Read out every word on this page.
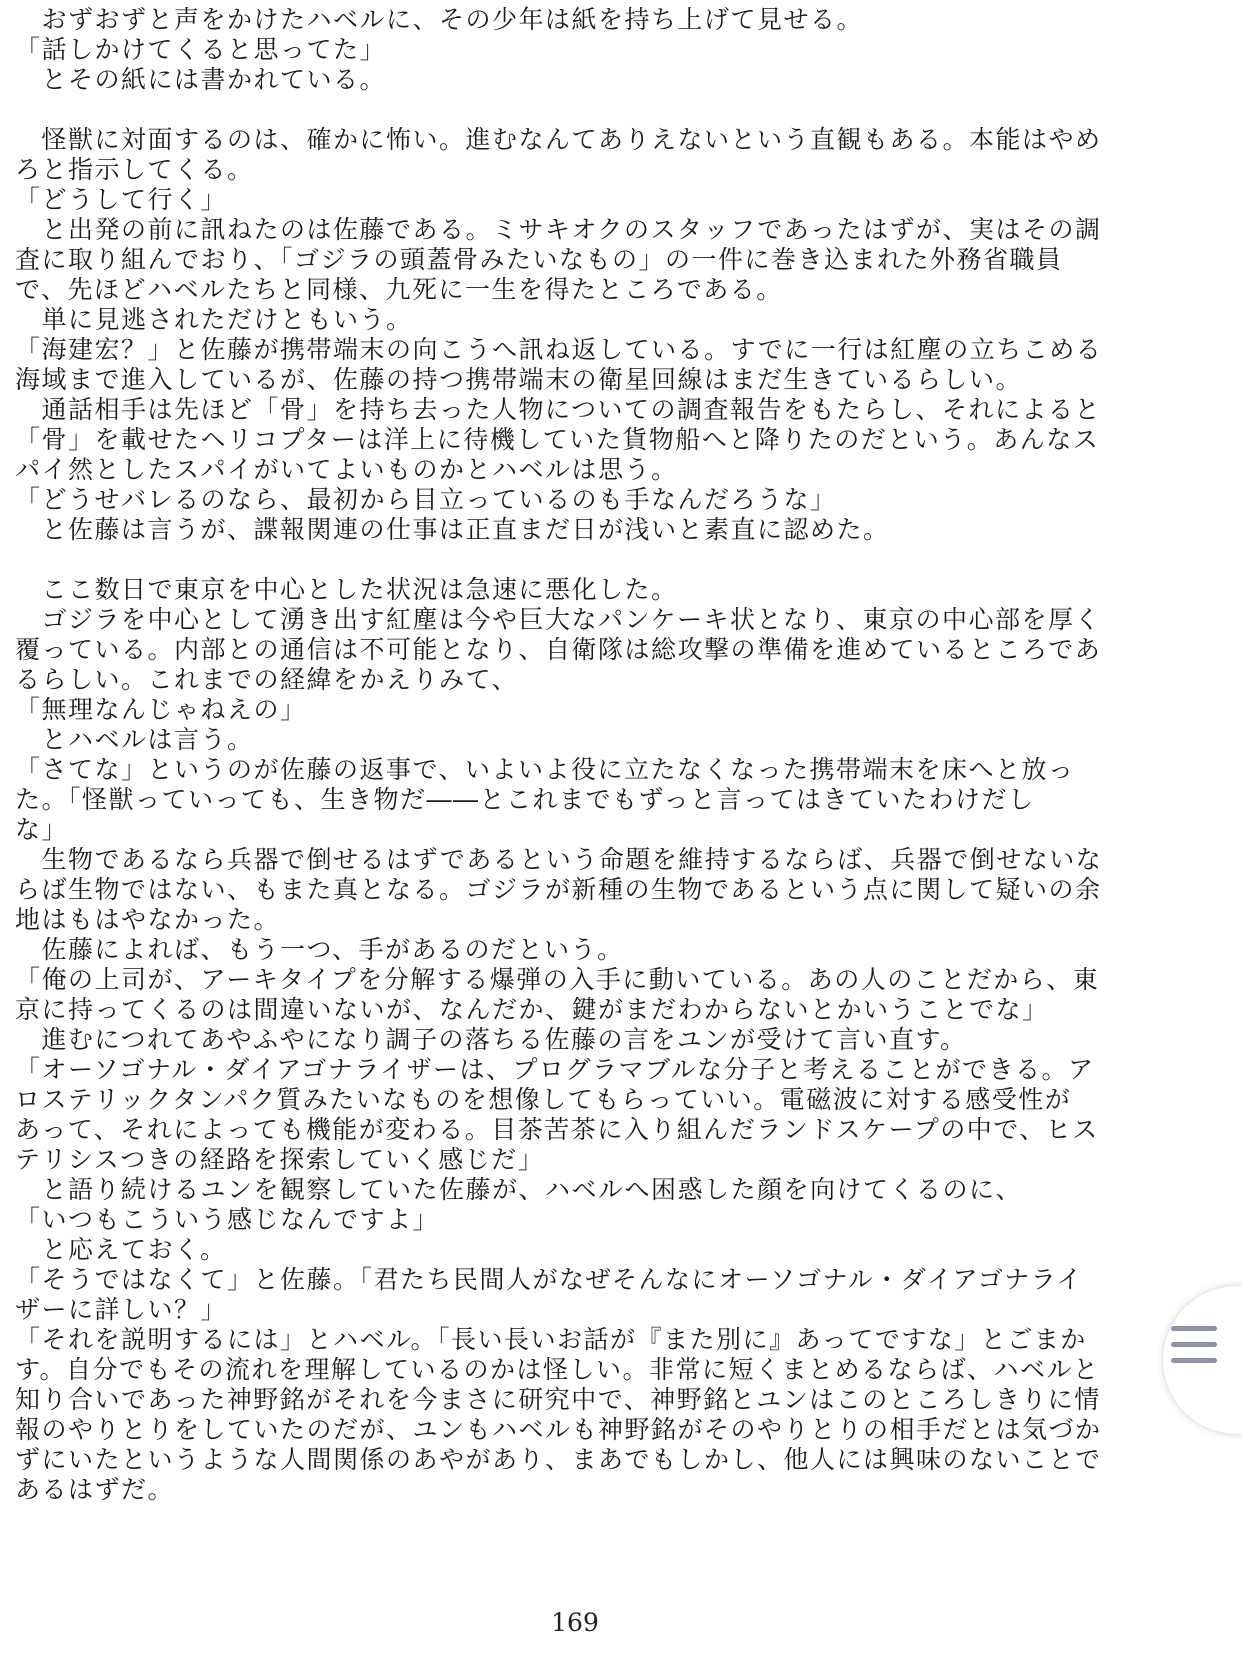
　おずおずと声をかけたハベルに、その少年は紙を持ち上げて見せる。
「話しかけてくると思ってた」
　とその紙には書かれている。
　怪獣に対面するのは、確かに怖い。進むなんてありえないという直観もある。本能はやめ
ろと指示してくる。
「どうして行く」
　と出発の前に訊ねたのは佐藤である。ミサキオクのスタッフであったはずが、実はその調
査に取り組んでおり、「ゴジラの頭蓋骨みたいなもの」の一件に巻き込まれた外務省職員
で、先ほどハベルたちと同様、九死に一生を得たところである。
　単に見逃されただけともいう。
「海建宏？」と佐藤が携帯端末の向こうへ訊ね返している。すでに一行は紅塵の立ちこめる
海域まで進入しているが、佐藤の持つ携帯端末の衛星回線はまだ生きているらしい。
　通話相手は先ほど「骨」を持ち去った人物についての調査報告をもたらし、それによると
「骨」を載せたヘリコプターは洋上に待機していた貨物船へと降りたのだという。あんなス
パイ然としたスパイがいてよいものかとハベルは思う。
「どうせバレるのなら、最初から目立っているのも手なんだろうな」
　と佐藤は言うが、諜報関連の仕事は正直まだ日が浅いと素直に認めた。
　ここ数日で東京を中心とした状況は急速に悪化した。
　ゴジラを中心として湧き出す紅塵は今や巨大なパンケーキ状となり、東京の中心部を厚く
覆っている。内部との通信は不可能となり、自衛隊は総攻撃の準備を進めているところであ
るらしい。これまでの経緯をかえりみて、
「無理なんじゃねえの」
　とハベルは言う。
「さてな」というのが佐藤の返事で、いよいよ役に立たなくなった携帯端末を床へと放っ
た。「怪獣っていっても、生き物だ――とこれまでもずっと言ってはきていたわけだし
な」
　生物であるなら兵器で倒せるはずであるという命題を維持するならば、兵器で倒せないな
らば生物ではない、もまた真となる。ゴジラが新種の生物であるという点に関して疑いの余
地はもはやなかった。
　佐藤によれば、もう一つ、手があるのだという。
「俺の上司が、アーキタイプを分解する爆弾の入手に動いている。あの人のことだから、東
京に持ってくるのは間違いないが、なんだか、鍵がまだわからないとかいうことでな」
　進むにつれてあやふやになり調子の落ちる佐藤の言をユンが受けて言い直す。
「オーソゴナル・ダイアゴナライザーは、プログラマブルな分子と考えることができる。ア
ロステリックタンパク質みたいなものを想像してもらっていい。電磁波に対する感受性が
あって、それによっても機能が変わる。目茶苦茶に入り組んだランドスケープの中で、ヒス
テリシスつきの経路を探索していく感じだ」
　と語り続けるユンを観察していた佐藤が、ハベルへ困惑した顔を向けてくるのに、
「いつもこういう感じなんですよ」
　と応えておく。
「そうではなくて」と佐藤。「君たち民間人がなぜそんなにオーソゴナル・ダイアゴナライ
ザーに詳しい？」
「それを説明するには」とハベル。「長い長いお話が『また別に』あってですな」とごまか
す。自分でもその流れを理解しているのかは怪しい。非常に短くまとめるならば、ハベルと
知り合いであった神野銘がそれを今まさに研究中で、神野銘とユンはこのところしきりに情
報のやりとりをしていたのだが、ユンもハベルも神野銘がそのやりとりの相手だとは気づか
ずにいたというような人間関係のあやがあり、まあでもしかし、他人には興味のないことで
あるはずだ。
169
